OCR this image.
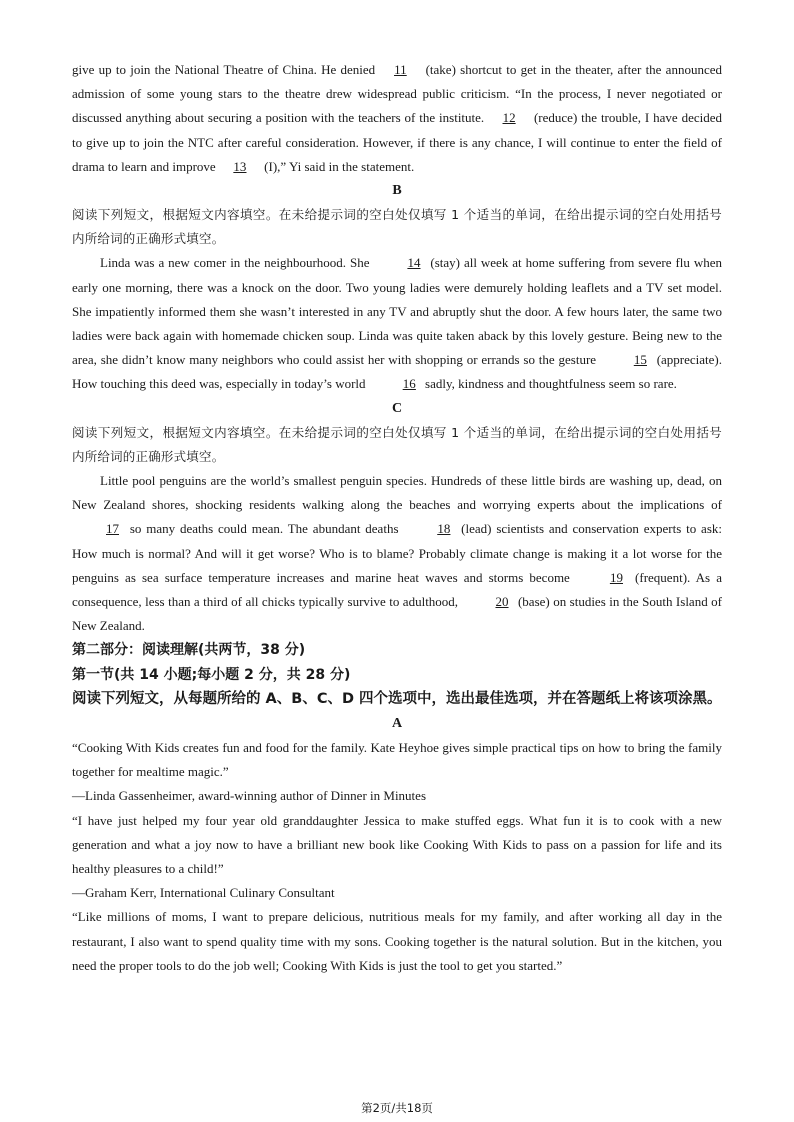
give up to join the National Theatre of China. He denied 11 (take) shortcut to get in the theater, after the announced admission of some young stars to the theatre drew widespread public criticism. “In the process, I never negotiated or discussed anything about securing a position with the teachers of the institute. 12 (reduce) the trouble, I have decided to give up to join the NTC after careful consideration. However, if there is any chance, I will continue to enter the field of drama to learn and improve 13 (I),” Yi said in the statement.

B

阅读下列短文，根据短文内容填空。在未给提示词的空白处仅填写 1 个适当的单词，在给出提示词的空白处用括号内所给词的正确形式填空。

Linda was a new comer in the neighbourhood. She	14 (stay) all week at home suffering from severe flu when early one morning, there was a knock on the door. Two young ladies were demurely holding leaflets and a TV set model. She impatiently informed them she wasn’t interested in any TV and abruptly shut the door. A few hours later, the same two ladies were back again with homemade chicken soup. Linda was quite taken aback by this lovely gesture. Being new to the area, she didn’t know many neighbors who could assist her with shopping or errands so the gesture	15 (appreciate). How touching this deed was, especially in today’s world	16 sadly, kindness and thoughtfulness seem so rare.

C

阅读下列短文，根据短文内容填空。在未给提示词的空白处仅填写 1 个适当的单词，在给出提示词的空白处用括号内所给词的正确形式填空。

Little pool penguins are the world’s smallest penguin species. Hundreds of these little birds are washing up, dead, on New Zealand shores, shocking residents walking along the beaches and worrying experts about the implications of 17 so many deaths could mean. The abundant deaths	18 (lead) scientists and conservation experts to ask: How much is normal? And will it get worse? Who is to blame? Probably climate change is making it a lot worse for the penguins as sea surface temperature increases and marine heat waves and storms become	19 (frequent). As a consequence, less than a third of all chicks typically survive to adulthood,	20 (base) on studies in the South Island of New Zealand.

第二部分：阅读理解(共两节，38 分)

第一节(共 14 小题;每小题 2 分，共 28 分)

阅读下列短文，从每题所给的 A、B、C、D 四个选项中，选出最佳选项，并在答题纸上将该项涂黑。

A

“Cooking With Kids creates fun and food for the family. Kate Heyhoe gives simple practical tips on how to bring the family together for mealtime magic.”

—Linda Gassenheimer, award-winning author of Dinner in Minutes

“I have just helped my four year old granddaughter Jessica to make stuffed eggs. What fun it is to cook with a new generation and what a joy now to have a brilliant new book like Cooking With Kids to pass on a passion for life and its healthy pleasures to a child!”

—Graham Kerr, International Culinary Consultant

“Like millions of moms, I want to prepare delicious, nutritious meals for my family, and after working all day in the restaurant, I also want to spend quality time with my sons. Cooking together is the natural solution. But in the kitchen, you need the proper tools to do the job well; Cooking With Kids is just the tool to get you started.”

第2页/共18页
